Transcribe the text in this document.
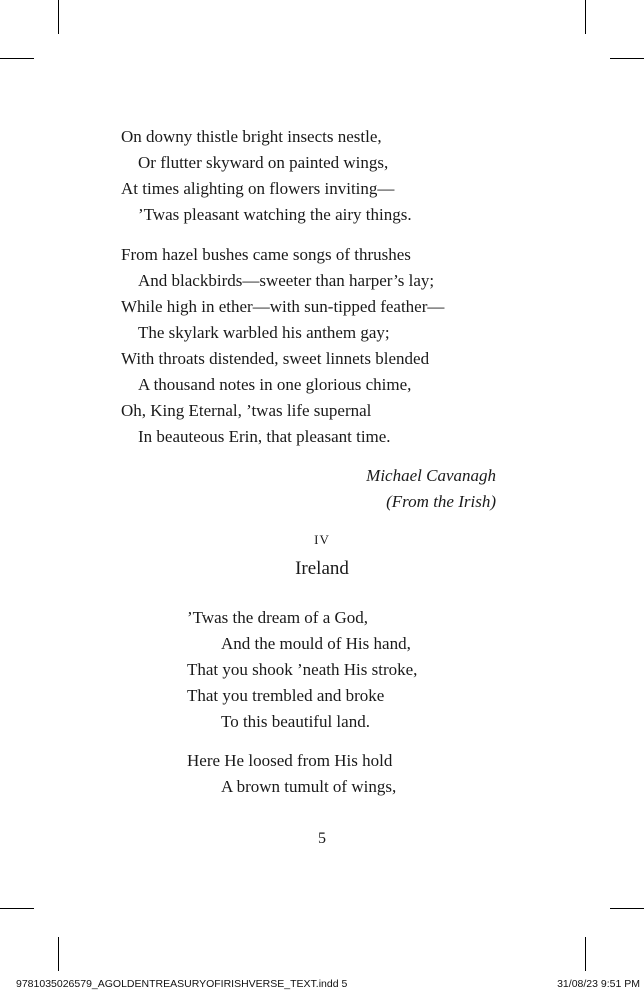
On downy thistle bright insects nestle,
Or flutter skyward on painted wings,
At times alighting on flowers inviting—
’Twas pleasant watching the airy things.
From hazel bushes came songs of thrushes
And blackbirds—sweeter than harper’s lay;
While high in ether—with sun-tipped feather—
The skylark warbled his anthem gay;
With throats distended, sweet linnets blended
A thousand notes in one glorious chime,
Oh, King Eternal, ’twas life supernal
In beauteous Erin, that pleasant time.
Michael Cavanagh
(From the Irish)
IV
Ireland
’Twas the dream of a God,
And the mould of His hand,
That you shook ’neath His stroke,
That you trembled and broke
To this beautiful land.
Here He loosed from His hold
A brown tumult of wings,
5
9781035026579_AGOLDENTREASURYOFIRISHVERSE_TEXT.indd 5	31/08/23 9:51 PM
